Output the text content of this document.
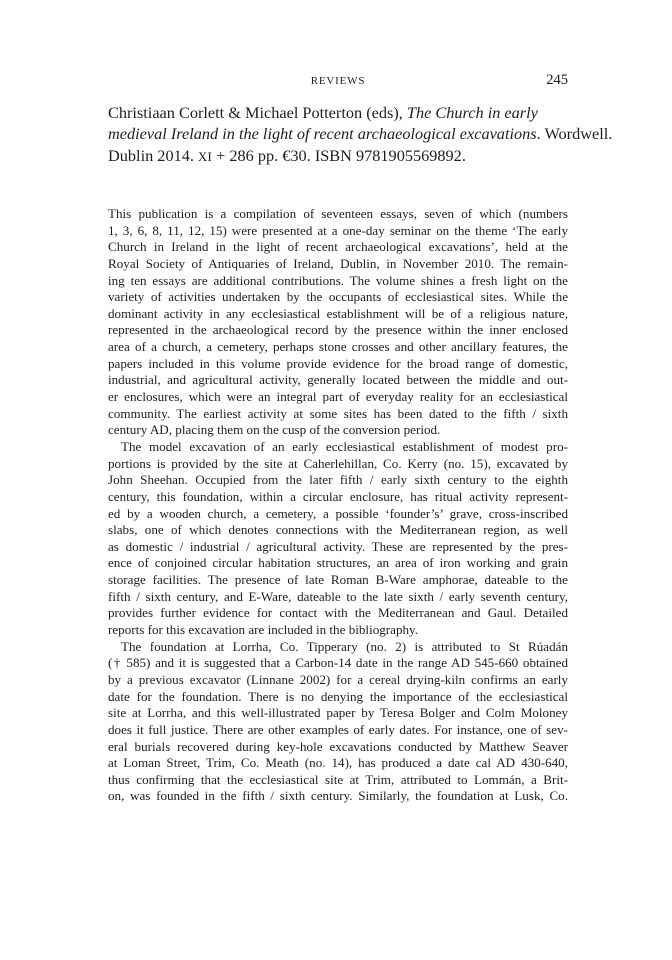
REVIEWS	245
Christiaan Corlett & Michael Potterton (eds), The Church in early
medieval Ireland in the light of recent archaeological excavations. Wordwell.
Dublin 2014. XI + 286 pp. €30. ISBN 9781905569892.
This publication is a compilation of seventeen essays, seven of which (numbers
1, 3, 6, 8, 11, 12, 15) were presented at a one-day seminar on the theme ‘The early
Church in Ireland in the light of recent archaeological excavations’, held at the
Royal Society of Antiquaries of Ireland, Dublin, in November 2010. The remain-
ing ten essays are additional contributions. The volume shines a fresh light on the
variety of activities undertaken by the occupants of ecclesiastical sites. While the
dominant activity in any ecclesiastical establishment will be of a religious nature,
represented in the archaeological record by the presence within the inner enclosed
area of a church, a cemetery, perhaps stone crosses and other ancillary features, the
papers included in this volume provide evidence for the broad range of domestic,
industrial, and agricultural activity, generally located between the middle and out-
er enclosures, which were an integral part of everyday reality for an ecclesiastical
community. The earliest activity at some sites has been dated to the fifth / sixth
century AD, placing them on the cusp of the conversion period.
The model excavation of an early ecclesiastical establishment of modest pro-
portions is provided by the site at Caherlehillan, Co. Kerry (no. 15), excavated by
John Sheehan. Occupied from the later fifth / early sixth century to the eighth
century, this foundation, within a circular enclosure, has ritual activity represent-
ed by a wooden church, a cemetery, a possible ‘founder’s’ grave, cross-inscribed
slabs, one of which denotes connections with the Mediterranean region, as well
as domestic / industrial / agricultural activity. These are represented by the pres-
ence of conjoined circular habitation structures, an area of iron working and grain
storage facilities. The presence of late Roman B-Ware amphorae, dateable to the
fifth / sixth century, and E-Ware, dateable to the late sixth / early seventh century,
provides further evidence for contact with the Mediterranean and Gaul. Detailed
reports for this excavation are included in the bibliography.
The foundation at Lorrha, Co. Tipperary (no. 2) is attributed to St Rúadán
(† 585) and it is suggested that a Carbon-14 date in the range AD 545-660 obtained
by a previous excavator (Linnane 2002) for a cereal drying-kiln confirms an early
date for the foundation. There is no denying the importance of the ecclesiastical
site at Lorrha, and this well-illustrated paper by Teresa Bolger and Colm Moloney
does it full justice. There are other examples of early dates. For instance, one of sev-
eral burials recovered during key-hole excavations conducted by Matthew Seaver
at Loman Street, Trim, Co. Meath (no. 14), has produced a date cal AD 430-640,
thus confirming that the ecclesiastical site at Trim, attributed to Lommán, a Brit-
on, was founded in the fifth / sixth century. Similarly, the foundation at Lusk, Co.
